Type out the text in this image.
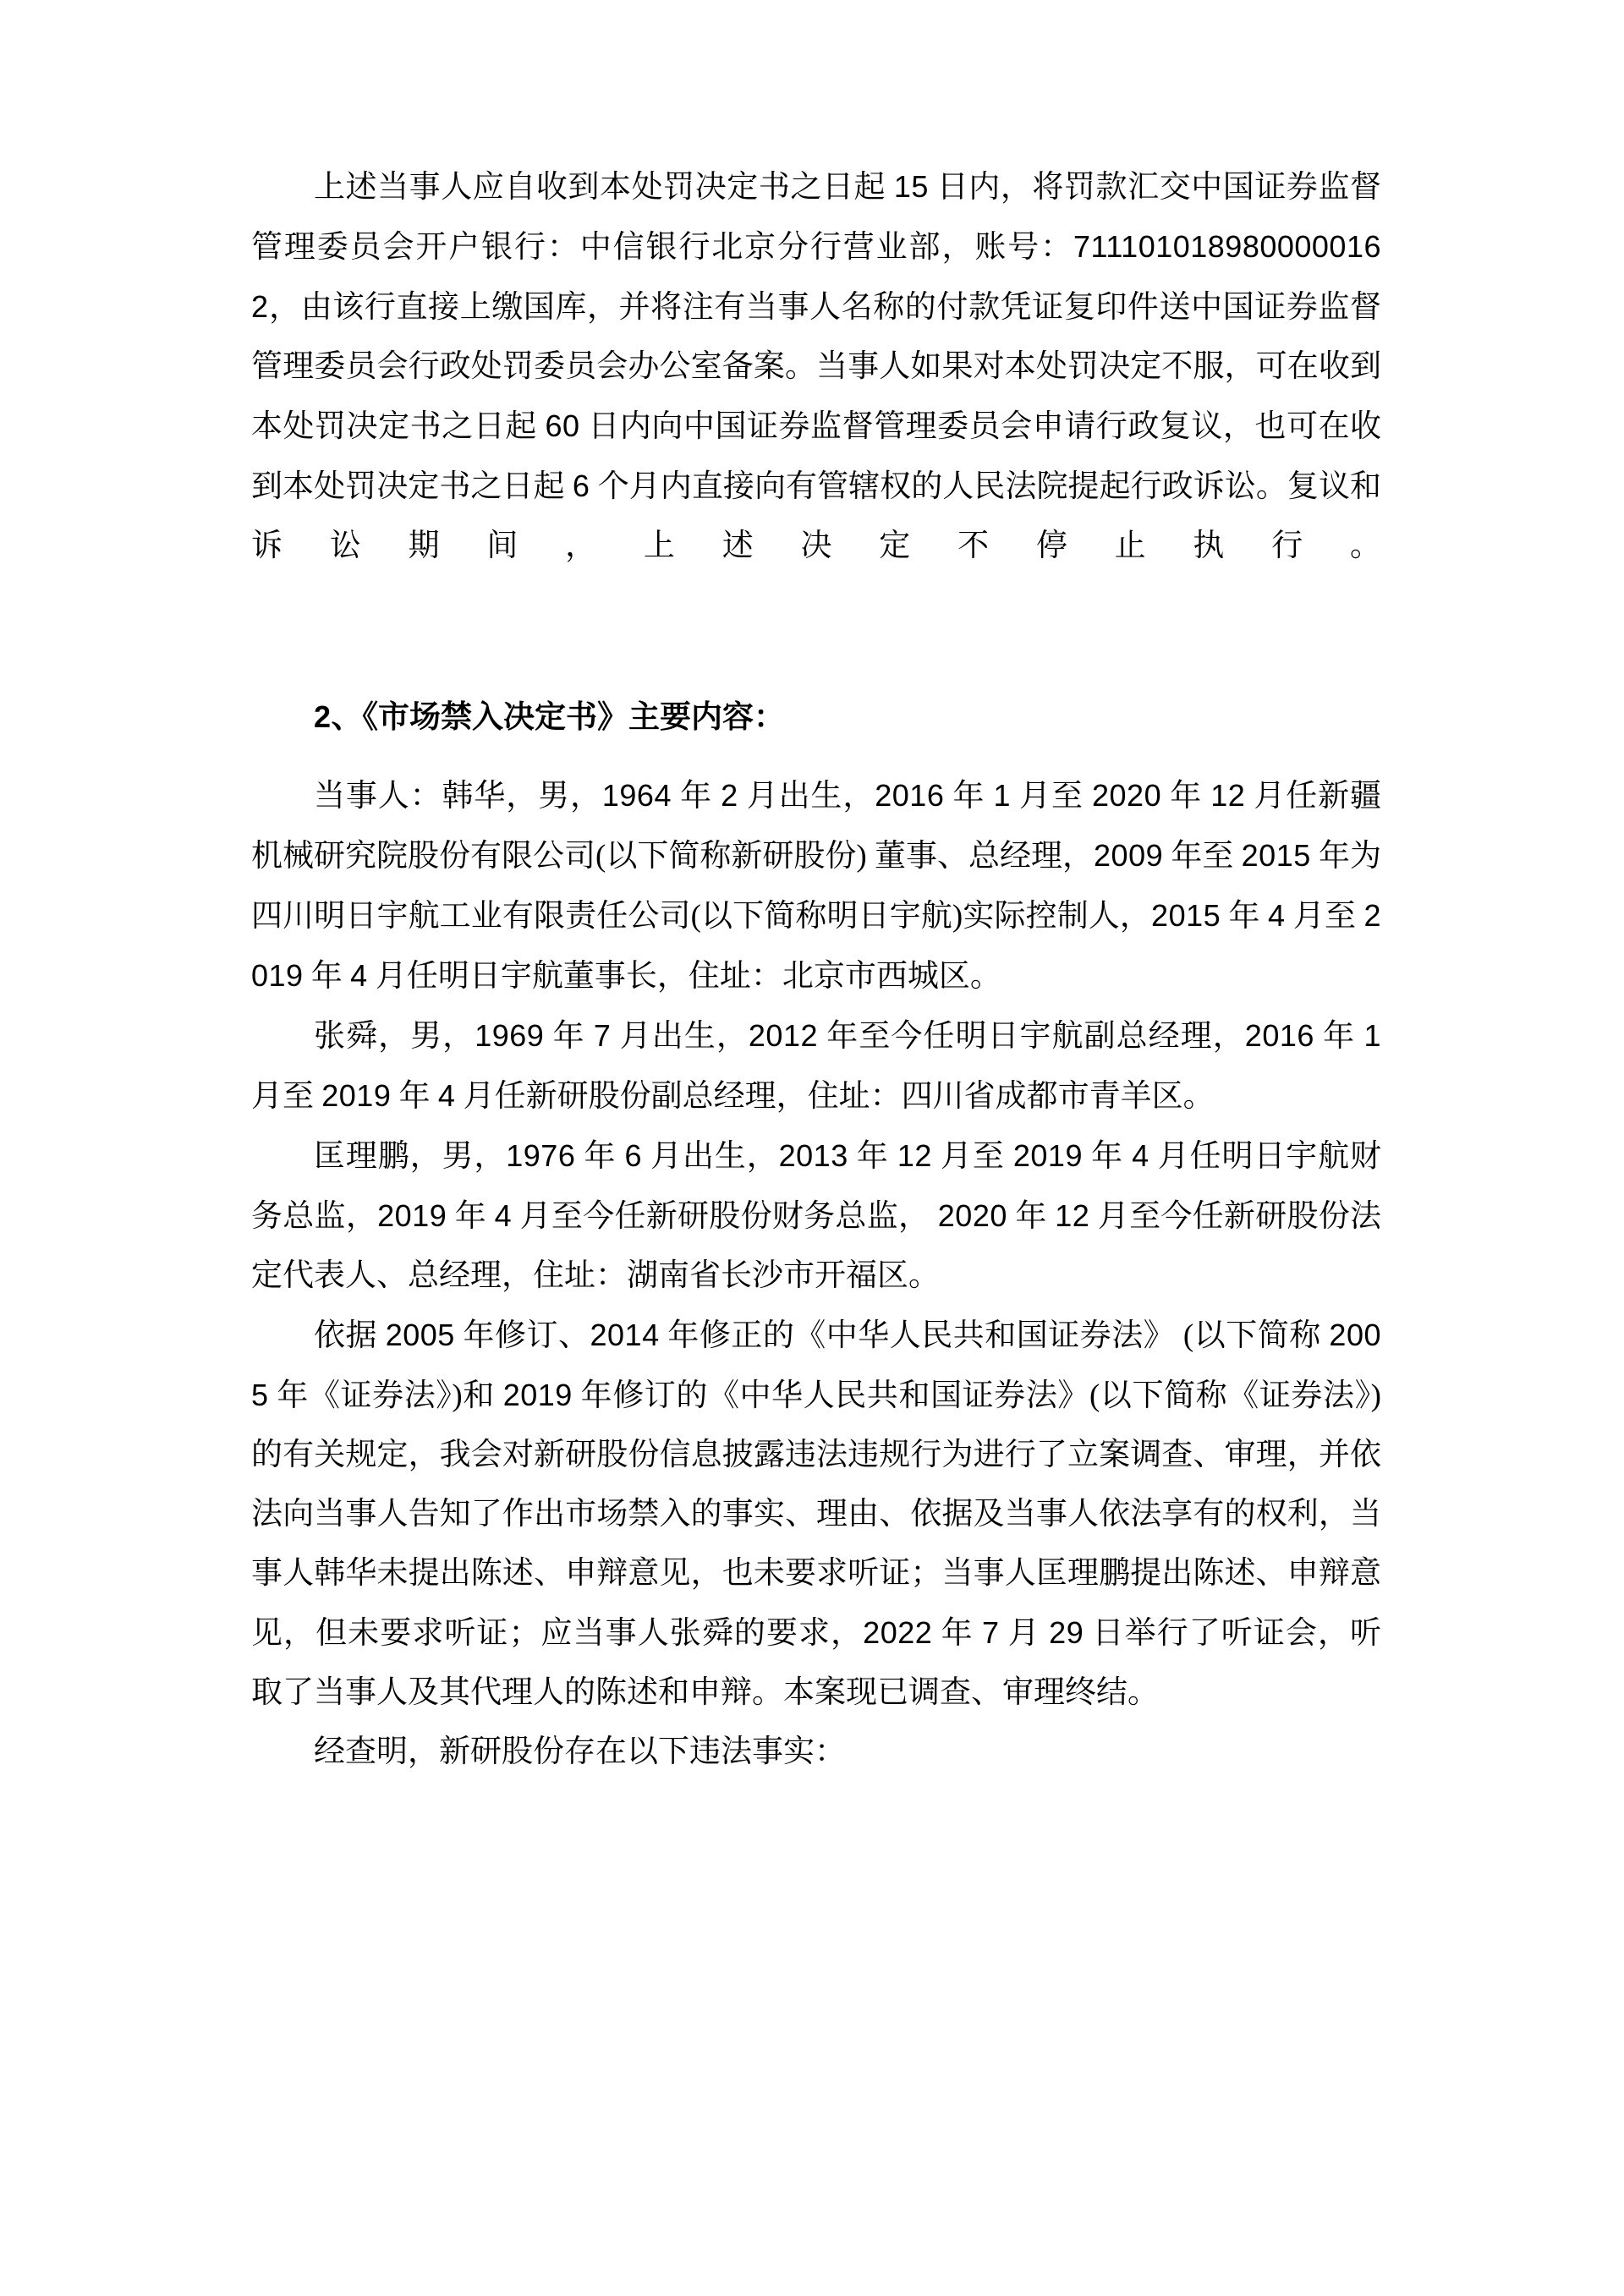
上述当事人应自收到本处罚决定书之日起 15 日内，将罚款汇交中国证券监督管理委员会开户银行：中信银行北京分行营业部，账号：7111010189800000162，由该行直接上缴国库，并将注有当事人名称的付款凭证复印件送中国证券监督管理委员会行政处罚委员会办公室备案。当事人如果对本处罚决定不服，可在收到本处罚决定书之日起 60 日内向中国证券监督管理委员会申请行政复议，也可在收到本处罚决定书之日起 6 个月内直接向有管辖权的人民法院提起行政诉讼。复议和诉讼期间，上述决定不停止执行。

2、《市场禁入决定书》主要内容：

当事人：韩华，男，1964 年 2 月出生，2016 年 1 月至 2020 年 12 月任新疆机械研究院股份有限公司(以下简称新研股份) 董事、总经理，2009 年至 2015 年为四川明日宇航工业有限责任公司(以下简称明日宇航)实际控制人，2015 年 4 月至 2019 年 4 月任明日宇航董事长，住址：北京市西城区。

张舜，男，1969 年 7 月出生，2012 年至今任明日宇航副总经理，2016 年 1 月至 2019 年 4 月任新研股份副总经理，住址：四川省成都市青羊区。

匡理鹏，男，1976 年 6 月出生，2013 年 12 月至 2019 年 4 月任明日宇航财务总监，2019 年 4 月至今任新研股份财务总监， 2020 年 12 月至今任新研股份法定代表人、总经理，住址：湖南省长沙市开福区。

依据 2005 年修订、2014 年修正的《中华人民共和国证券法》 (以下简称 2005 年《证券法》)和 2019 年修订的《中华人民共和国证券法》(以下简称《证券法》)的有关规定，我会对新研股份信息披露违法违规行为进行了立案调查、审理，并依法向当事人告知了作出市场禁入的事实、理由、依据及当事人依法享有的权利，当事人韩华未提出陈述、申辩意见，也未要求听证；当事人匡理鹏提出陈述、申辩意见，但未要求听证；应当事人张舜的要求，2022 年 7 月 29 日举行了听证会，听取了当事人及其代理人的陈述和申辩。本案现已调查、审理终结。

经查明，新研股份存在以下违法事实：
